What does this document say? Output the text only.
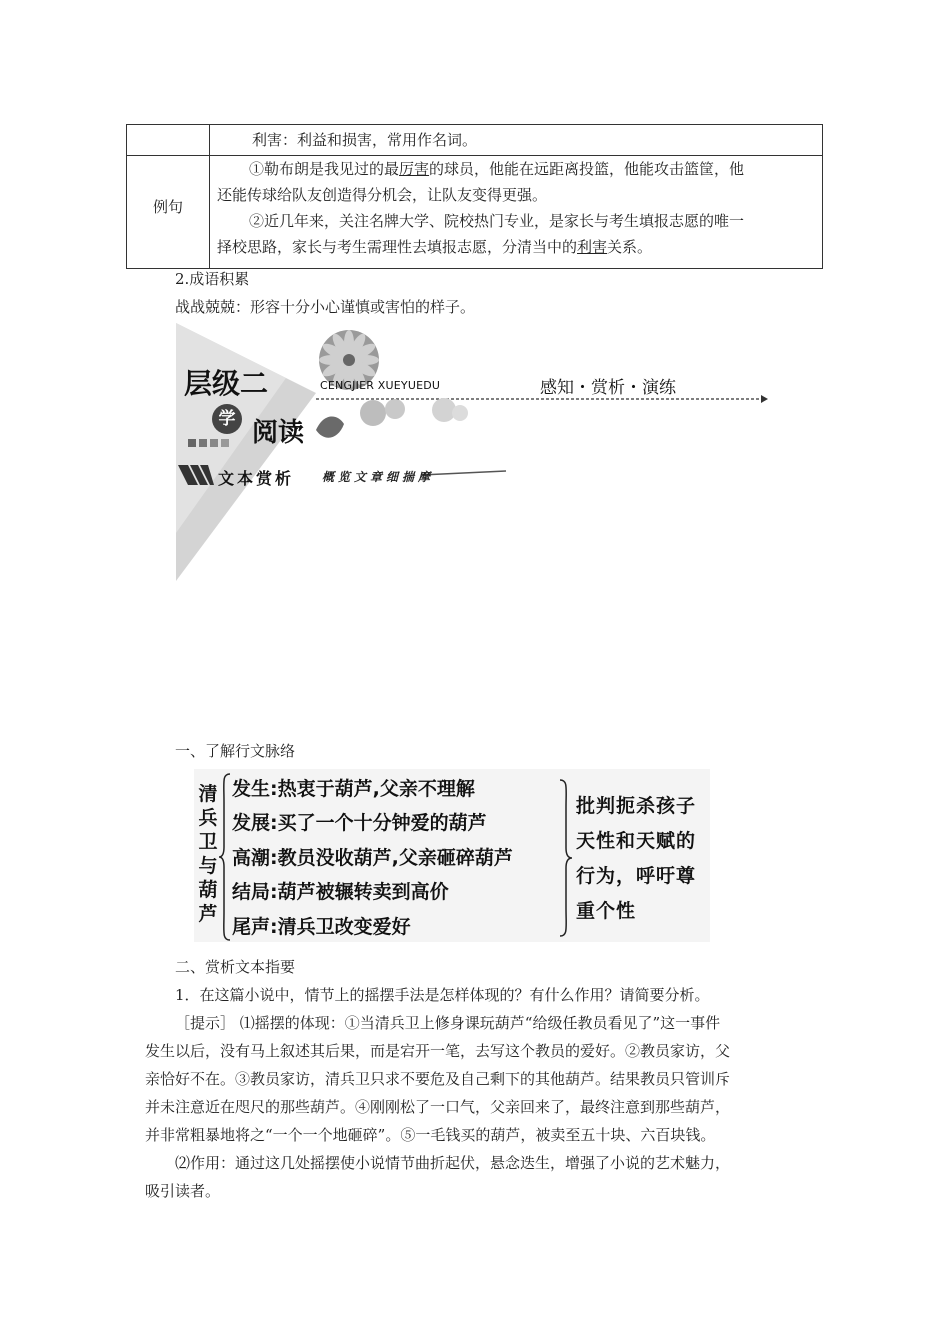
利害：利益和损害，常用作名词。
例句
①勒布朗是我见过的最厉害的球员，他能在远距离投篮，他能攻击篮筐，他
还能传球给队友创造得分机会，让队友变得更强。
②近几年来，关注名牌大学、院校热门专业，是家长与考生填报志愿的唯一
择校思路，家长与考生需理性去填报志愿，分清当中的利害关系。
2.成语积累
战战兢兢：形容十分小心谨慎或害怕的样子。
层级二	CENGJIER XUEYUEDU	感知・赏析・演练
学 阅读
文本赏析 概览文章细揣摩
一、了解行文脉络
清
兵
卫
与
葫
芦
发生:热衷于葫芦,父亲不理解
发展:买了一个十分钟爱的葫芦
高潮:教员没收葫芦,父亲砸碎葫芦
结局:葫芦被辗转卖到高价
尾声:清兵卫改变爱好
批判扼杀孩子
天性和天赋的
行为，呼吁尊
重个性
二、赏析文本指要
1．在这篇小说中，情节上的摇摆手法是怎样体现的？有什么作用？请简要分析。
［提示］ ⑴摇摆的体现：①当清兵卫上修身课玩葫芦“给级任教员看见了”这一事件
发生以后，没有马上叙述其后果，而是宕开一笔，去写这个教员的爱好。②教员家访，父
亲恰好不在。③教员家访，清兵卫只求不要危及自己剩下的其他葫芦。结果教员只管训斥
并未注意近在咫尺的那些葫芦。④刚刚松了一口气，父亲回来了，最终注意到那些葫芦，
并非常粗暴地将之“一个一个地砸碎”。⑤一毛钱买的葫芦，被卖至五十块、六百块钱。
⑵作用：通过这几处摇摆使小说情节曲折起伏，悬念迭生，增强了小说的艺术魅力，
吸引读者。
